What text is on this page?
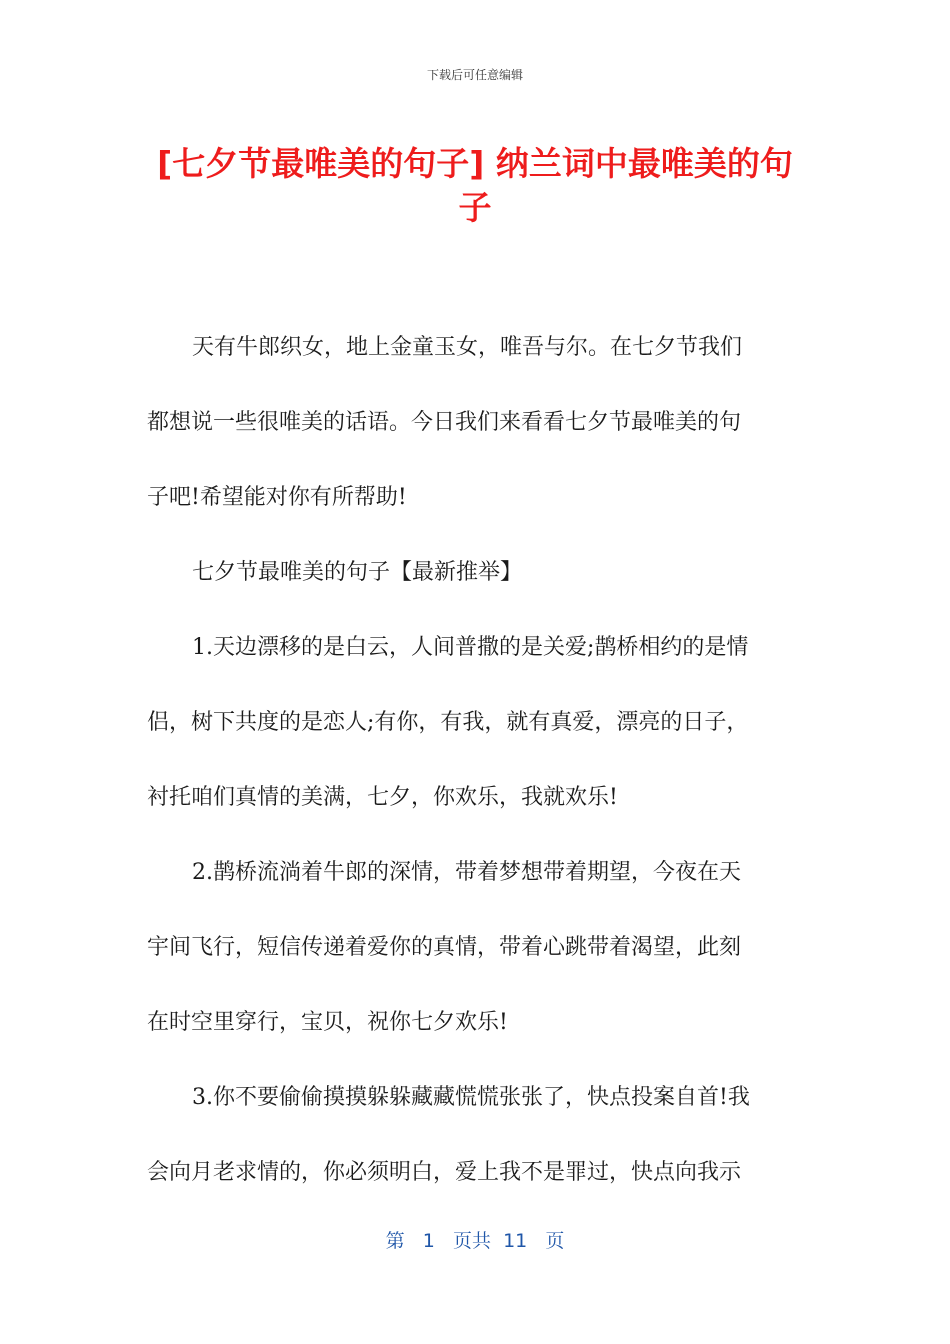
下载后可任意编辑
[七夕节最唯美的句子] 纳兰词中最唯美的句
子
天有牛郎织女，地上金童玉女，唯吾与尔。在七夕节我们
都想说一些很唯美的话语。今日我们来看看七夕节最唯美的句
子吧!希望能对你有所帮助!
七夕节最唯美的句子【最新推举】
1.天边漂移的是白云，人间普撒的是关爱;鹊桥相约的是情
侣，树下共度的是恋人;有你，有我，就有真爱，漂亮的日子，
衬托咱们真情的美满，七夕，你欢乐，我就欢乐!
2.鹊桥流淌着牛郎的深情，带着梦想带着期望，今夜在天
宇间飞行，短信传递着爱你的真情，带着心跳带着渴望，此刻
在时空里穿行，宝贝，祝你七夕欢乐!
3.你不要偷偷摸摸躲躲藏藏慌慌张张了，快点投案自首!我
会向月老求情的，你必须明白，爱上我不是罪过，快点向我示
第 1 页共 11 页
